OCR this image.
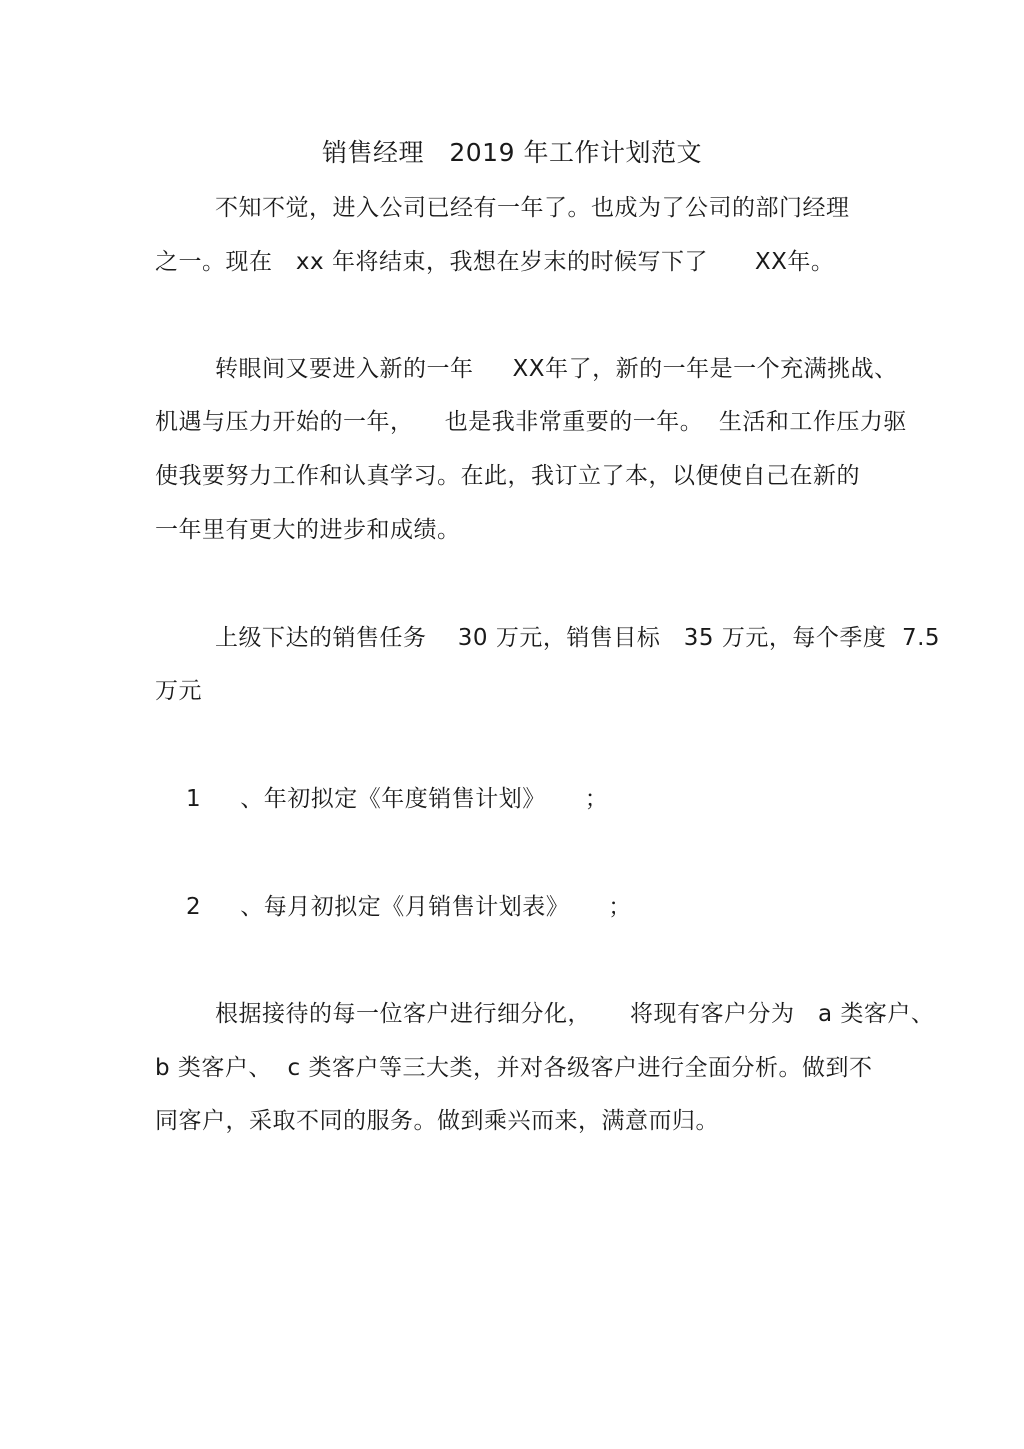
销售经理   2019 年工作计划范文
不知不觉，进入公司已经有一年了。也成为了公司的部门经理
之一。现在   xx 年将结束，我想在岁末的时候写下了      XX年。
转眼间又要进入新的一年     XX年了，新的一年是一个充满挑战、
机遇与压力开始的一年，    也是我非常重要的一年。  生活和工作压力驱
使我要努力工作和认真学习。在此，我订立了本，以便使自己在新的
一年里有更大的进步和成绩。
上级下达的销售任务    30 万元，销售目标   35 万元，每个季度  7.5
万元
1     、年初拟定《年度销售计划》     ；
2     、每月初拟定《月销售计划表》     ；
根据接待的每一位客户进行细分化，     将现有客户分为   a 类客户、
b 类客户、  c 类客户等三大类，并对各级客户进行全面分析。做到不
同客户，采取不同的服务。做到乘兴而来，满意而归。
